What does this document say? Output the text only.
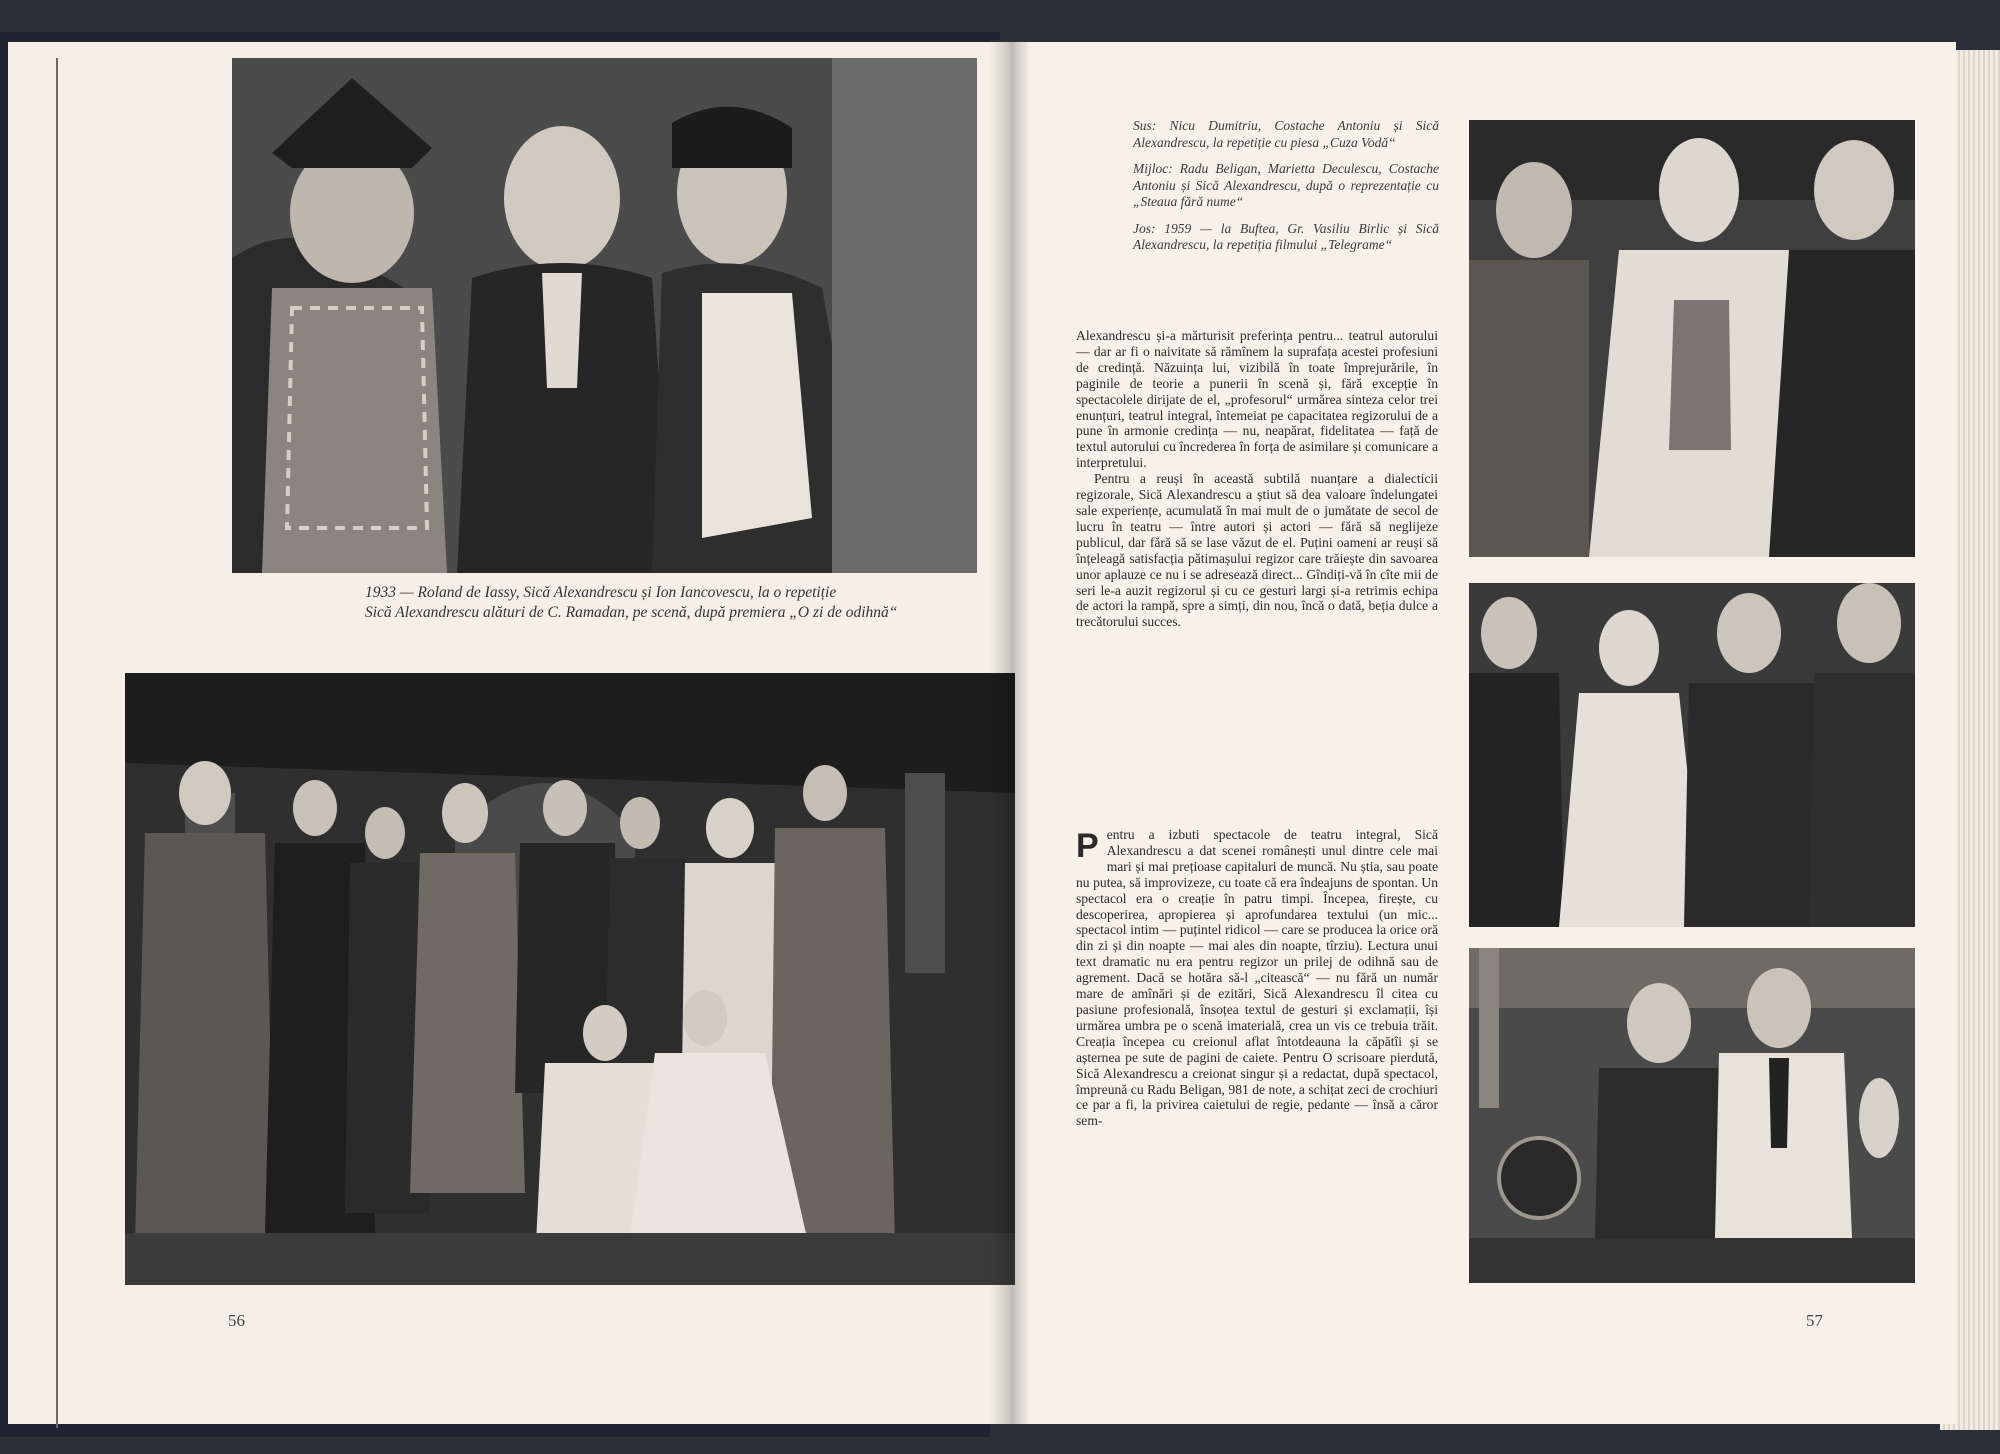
1933 — Roland de Iassy, Sică Alexandrescu și Ion Iancovescu, la o repetiție

Sică Alexandrescu alături de C. Ramadan, pe scenă, după premiera „O zi de odihnă“

56

Sus: Nicu Dumitriu, Costache Antoniu și Sică Alexandrescu, la repetiție cu piesa „Cuza Vodă“

Mijloc: Radu Beligan, Marietta Deculescu, Costache Antoniu și Sică Alexandrescu, după o reprezentație cu „Steaua fără nume“

Jos: 1959 — la Buftea, Gr. Vasiliu Birlic și Sică Alexandrescu, la repetiția filmului „Telegrame“

Alexandrescu și-a mărturisit preferința pentru... teatrul autorului — dar ar fi o naivitate să rămînem la suprafața acestei profesiuni de credință. Năzuința lui, vizibilă în toate împrejurările, în paginile de teorie a punerii în scenă și, fără excepție în spectacolele dirijate de el, „profesorul“ urmărea sinteza celor trei enunțuri, teatrul integral, întemeiat pe capacitatea regizorului de a pune în armonie credința — nu, neapărat, fidelitatea — față de textul autorului cu încrederea în forța de asimilare și comunicare a interpretului.

Pentru a reuși în această subtilă nuanțare a dialecticii regizorale, Sică Alexandrescu a știut să dea valoare îndelungatei sale experiențe, acumulată în mai mult de o jumătate de secol de lucru în teatru — între autori și actori — fără să neglijeze publicul, dar fără să se lase văzut de el. Puțini oameni ar reuși să înțeleagă satisfacția pătimașului regizor care trăiește din savoarea unor aplauze ce nu i se adresează direct... Gîndiți-vă în cîte mii de seri le-a auzit regizorul și cu ce gesturi largi și-a retrimis echipa de actori la rampă, spre a simți, din nou, încă o dată, beția dulce a trecătorului succes.

Pentru a izbuti spectacole de teatru integral, Sică Alexandrescu a dat scenei românești unul dintre cele mai mari și mai prețioase capitaluri de muncă. Nu știa, sau poate nu putea, să improvizeze, cu toate că era îndeajuns de spontan. Un spectacol era o creație în patru timpi. Începea, firește, cu descoperirea, apropierea și aprofundarea textului (un mic... spectacol intim — puțintel ridicol — care se producea la orice oră din zi și din noapte — mai ales din noapte, tîrziu). Lectura unui text dramatic nu era pentru regizor un prilej de odihnă sau de agrement. Dacă se hotăra să-l „citească“ — nu fără un număr mare de amînări și de ezitări, Sică Alexandrescu îl citea cu pasiune profesională, însoțea textul de gesturi și exclamații, își urmărea umbra pe o scenă imaterială, crea un vis ce trebuia trăit. Creația începea cu creionul aflat întotdeauna la căpătîi și se așternea pe sute de pagini de caiete. Pentru O scrisoare pierdută, Sică Alexandrescu a creionat singur și a redactat, după spectacol, împreună cu Radu Beligan, 981 de note, a schițat zeci de crochiuri ce par a fi, la privirea caietului de regie, pedante — însă a căror sem-

57
